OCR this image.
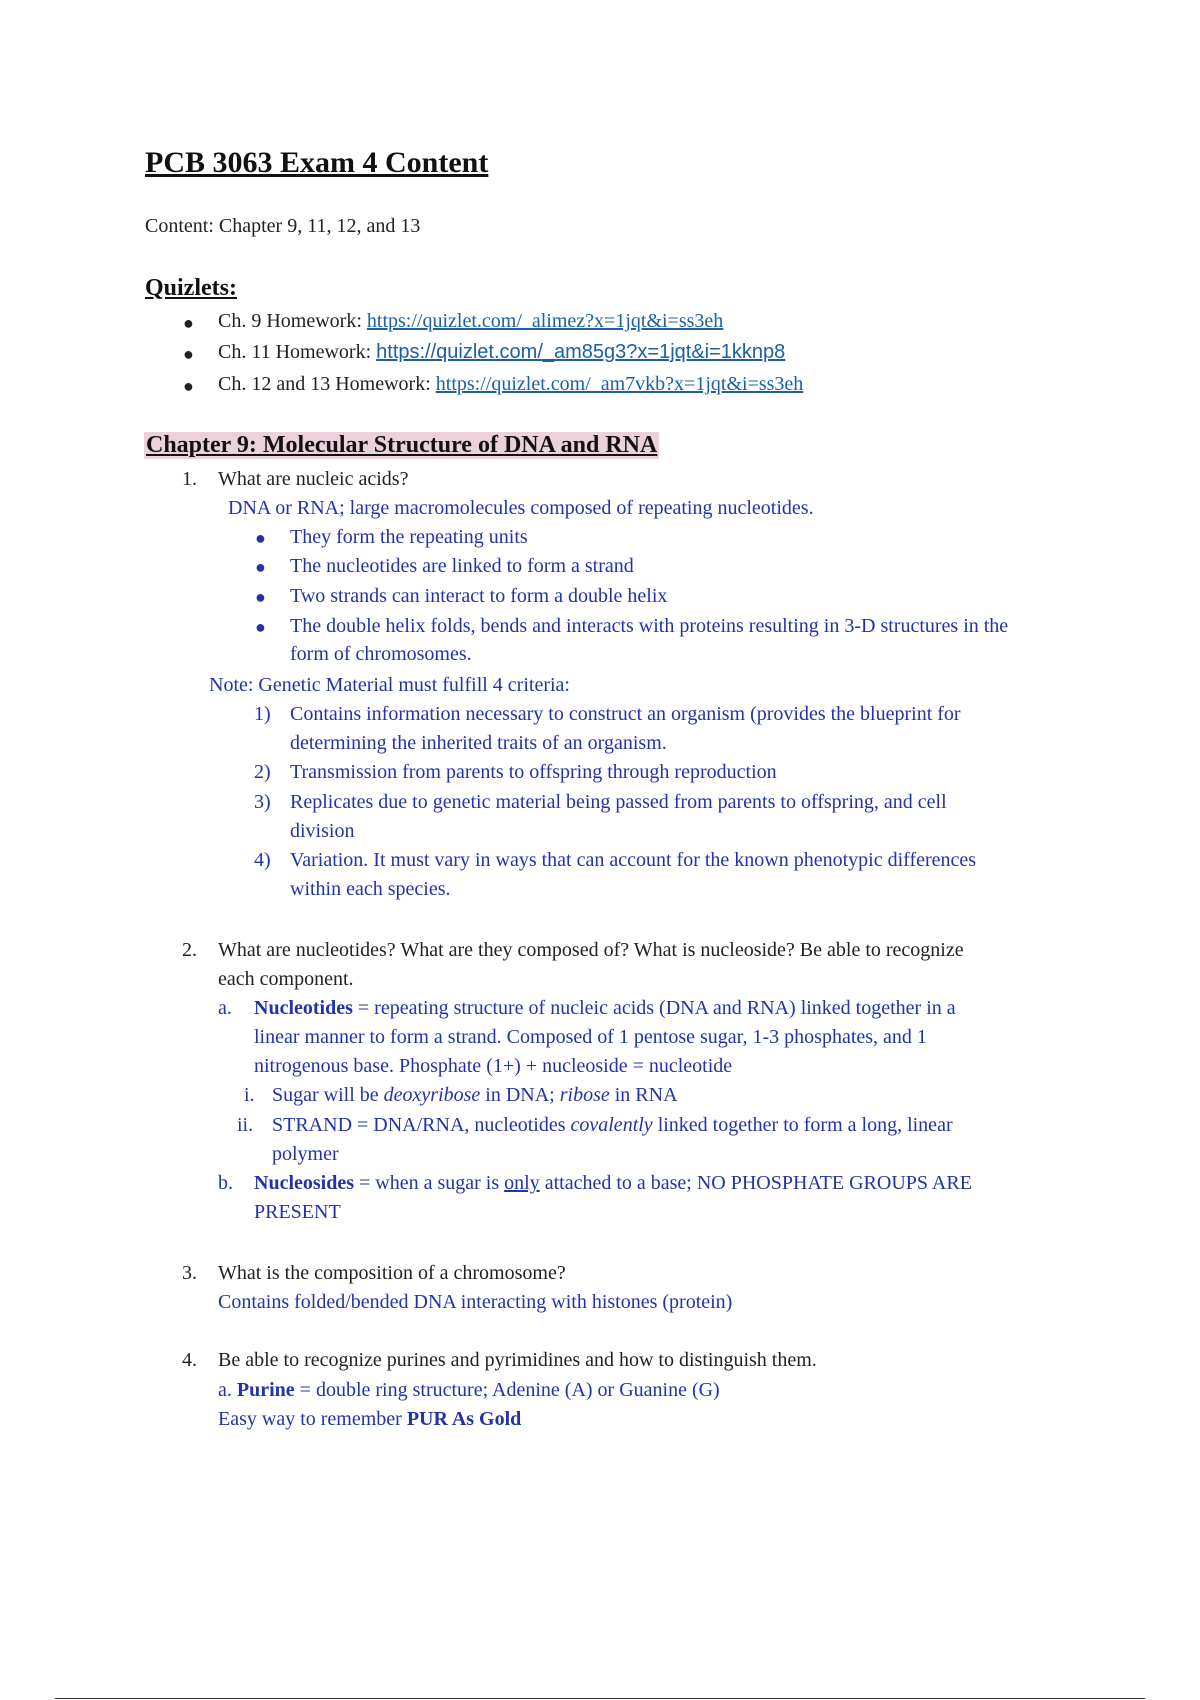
PCB 3063 Exam 4 Content
Content: Chapter 9, 11, 12, and 13
Quizlets:
● Ch. 9 Homework: https://quizlet.com/_alimez?x=1jqt&i=ss3eh
● Ch. 11 Homework: https://quizlet.com/_am85g3?x=1jqt&i=1kknp8
● Ch. 12 and 13 Homework: https://quizlet.com/_am7vkb?x=1jqt&i=ss3eh
Chapter 9: Molecular Structure of DNA and RNA
1. What are nucleic acids?
DNA or RNA; large macromolecules composed of repeating nucleotides.
● They form the repeating units
● The nucleotides are linked to form a strand
● Two strands can interact to form a double helix
● The double helix folds, bends and interacts with proteins resulting in 3-D structures in the
form of chromosomes.
Note: Genetic Material must fulfill 4 criteria:
1) Contains information necessary to construct an organism (provides the blueprint for
determining the inherited traits of an organism.
2) Transmission from parents to offspring through reproduction
3) Replicates due to genetic material being passed from parents to offspring, and cell
division
4) Variation. It must vary in ways that can account for the known phenotypic differences
within each species.
2. What are nucleotides? What are they composed of? What is nucleoside? Be able to recognize
each component.
a. Nucleotides = repeating structure of nucleic acids (DNA and RNA) linked together in a
linear manner to form a strand. Composed of 1 pentose sugar, 1-3 phosphates, and 1
nitrogenous base. Phosphate (1+) + nucleoside = nucleotide
i. Sugar will be deoxyribose in DNA; ribose in RNA
ii. STRAND = DNA/RNA, nucleotides covalently linked together to form a long, linear
polymer
b. Nucleosides = when a sugar is only attached to a base; NO PHOSPHATE GROUPS ARE
PRESENT
3. What is the composition of a chromosome?
Contains folded/bended DNA interacting with histones (protein)
4. Be able to recognize purines and pyrimidines and how to distinguish them.
a. Purine = double ring structure; Adenine (A) or Guanine (G)
Easy way to remember PUR As Gold
